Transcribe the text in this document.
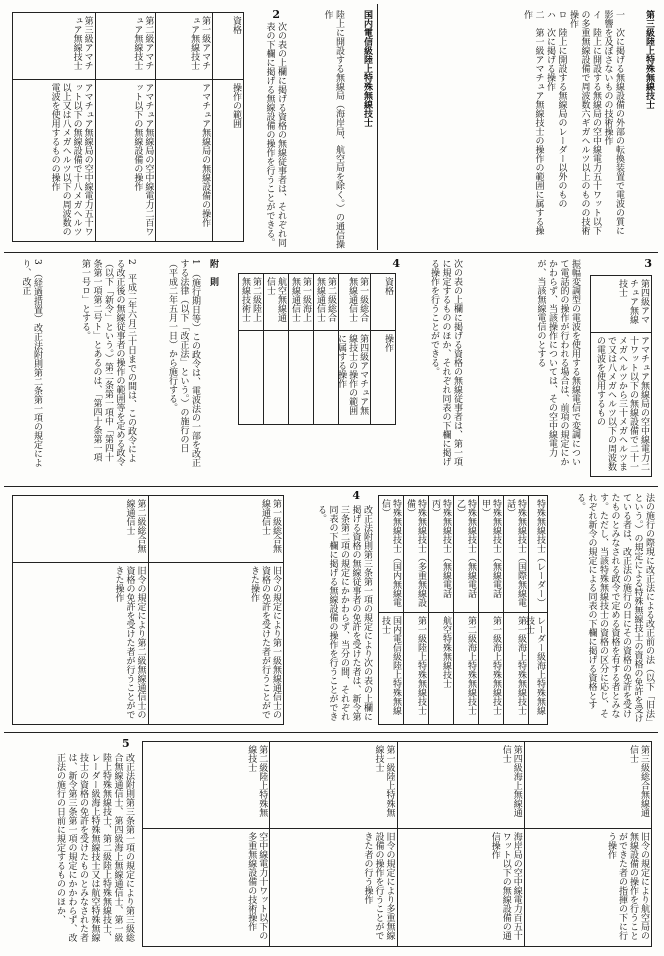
第三級陸上特殊無線技士
一　次に掲げる無線設備の外部の転換装置で電波の質に影響を及ぼさないものの技術操作
イ　陸上に開設する無線局の空中線電力五十ワット以下の多重無線設備で周波数六ギガヘルツ以上のものの技術操作
ロ　陸上に開設する無線局のレーダー以外のもの
ハ　次に掲げる操作
二　第一級アマチュア無線技士の操作の範囲に属する操作
国内電信級陸上特殊無線技士
陸上に開設する無線局（海岸局、航空局を除く。）の通信操作
2
次の表の上欄に掲げる資格の無線従事者は、それぞれ同表の下欄に掲げる無線設備の操作を行うことができる。
資格
操作の範囲
第一級アマチュア無線技士
アマチュア無線局の無線設備の操作
第二級アマチュア無線技士
アマチュア無線局の空中線電力二百ワット以下の無線設備の操作
第三級アマチュア無線技士
アマチュア無線局の空中線電力五十ワット以下の無線設備で十八メガヘルツ以上又は八メガヘルツ以下の周波数の電波を使用するものの操作
3
第四級アマチュア無線技士
アマチュア無線局の空中線電力二十ワット以下の無線設備で二十一メガヘルツから三十メガヘルツまで又は八メガヘルツ以下の周波数の電波を使用するもの
4	振幅変調型の電波を使用する無線電信で変調について電話的の操作が行われる場合は、前項の規定にかかわらず、当該操作については、その空中線電力が、当該無線電信のとする
次の表の上欄に掲げる資格の無線従事者は、第一項に規定するもののほか、それぞれ同表の下欄に掲げる操作を行うことができる。
資格
操作
第一級総合無線通信士
第四級アマチュア無線技士の操作の範囲に属する操作
第二級総合無線通信士
第一級海上無線通信士
航空無線通信士
第二級陸上無線技術士
附　則
1　（施行期日等）この政令は、電波法の一部を改正する法律（以下「改正法」という。）の施行の日（平成二年五月一日）から施行する。
2　平成二年六月三十日までの間は、この政令による改正後の無線従事者の操作の範囲等を定める政令（以下「新令」という。）第二条第一項中「第四十条第一項第二号ト」とあるのは、「第四十条第一項第一号ロ」とする。
3　（経過措置）改正法附則第二条第一項の規定により、改正
法の施行の際現に改正法による改正前の法（以下「旧法」という。）の規定による特殊無線技士の資格の免許を受けている者は、改正法の施行の日にその資格の免許を受けたものとみなされる政令で定める資格を有する者とみなす。ただし、当該特殊無線技士の資格の区分に応じ、それぞれ新令の規定による同表の下欄に掲げる資格とする。
特殊無線技士（レーダー）
レーダー級海上特殊無線技士
特殊無線技士（国際無線電話）
第一級海上特殊無線技士
特殊無線技士（無線電話甲）
第一級海上特殊無線技士
特殊無線技士（無線電話乙）
第二級海上特殊無線技士
特殊無線技士（無線電話丙）
航空特殊無線技士
特殊無線技士（多重無線設備）
第一級陸上特殊無線技士
特殊無線技士（国内無線電信）
国内電信級陸上特殊無線技士
4
改正法附則第三条第一項の規定により次の表の上欄に掲げる資格の無線従事者の免許を受けた者は、新令第三条第二項の規定にかかわらず、当分の間、それぞれ同表の下欄に掲げる無線設備の操作を行うことができる。
第一級総合無線通信士
旧令の規定により第一級無線通信士の資格の免許を受けた者が行うことができた操作
第二級総合無線通信士
旧令の規定により第二級無線通信士の資格の免許を受けた者が行うことができた操作
5
改正法附則第三条第一項の規定により第三級総合無線通信士、第四級海上無線通信士、第一級陸上特殊無線技士、第二級陸上特殊無線技士、レーダー級海上特殊無線技士又は航空特殊無線技士の資格の免許を受けたものとみなされた者は、新令第三条第一項の規定にかかわらず、改正法の施行の日前に規定するもののほか、	第三級総合無線通信士
旧令の規定により航空局の無線設備の操作を行うことができた者の指揮の下に行う操作
第四級海上無線通信士
海岸局の空中線電力百五十ワット以下の無線設備の通信操作
第一級陸上特殊無線技士
旧令の規定により多重無線設備の操作を行うことができた者の行う操作
第二級陸上特殊無線技士
空中線電力十ワット以下の多重無線設備の技術操作
